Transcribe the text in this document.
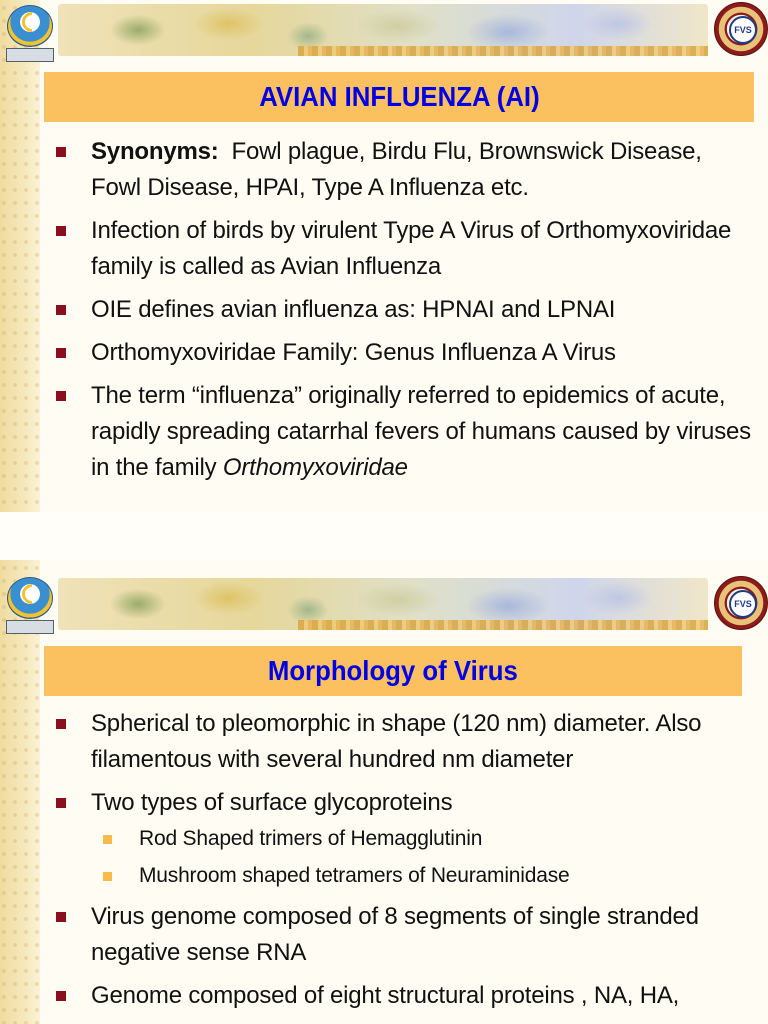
FVS
AVIAN INFLUENZA (AI)
Synonyms:  Fowl plague, Birdu Flu, Brownswick Disease, Fowl Disease, HPAI, Type A Influenza etc.
Infection of birds by virulent Type A Virus of Orthomyxoviridae family is called as Avian Influenza
OIE defines avian influenza as: HPNAI and LPNAI
Orthomyxoviridae Family: Genus Influenza A Virus
The term “influenza” originally referred to epidemics of acute, rapidly spreading catarrhal fevers of humans caused by viruses in the family Orthomyxoviridae
FVS
Morphology of Virus
Spherical to pleomorphic in shape (120 nm) diameter. Also filamentous with several hundred nm diameter
Two types of surface glycoproteins
Rod Shaped trimers of Hemagglutinin
Mushroom shaped tetramers of Neuraminidase
Virus genome composed of 8 segments of single stranded negative sense RNA
Genome composed of eight structural proteins , NA, HA,
